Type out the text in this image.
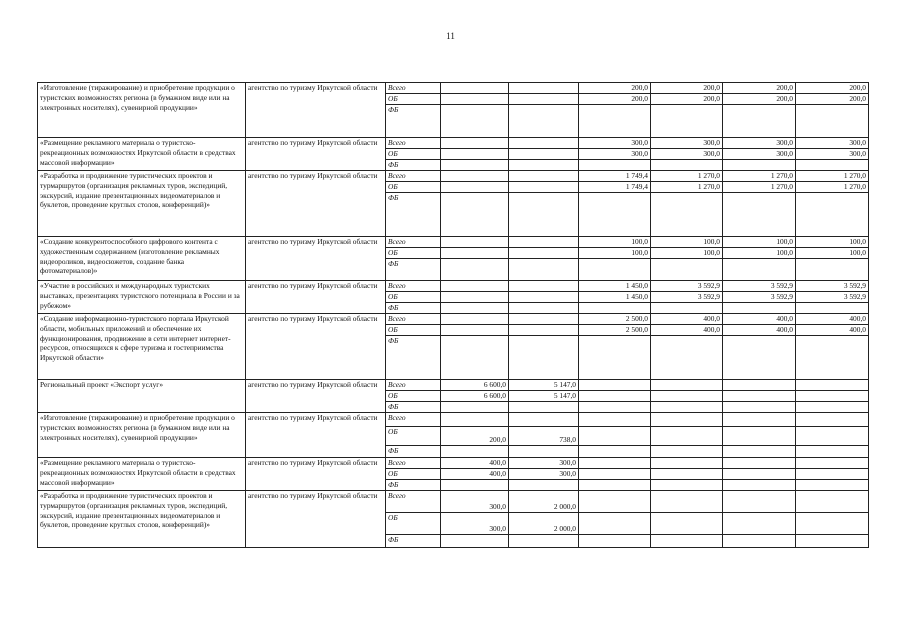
11
«Изготовление (тиражирование) и приобретение продукции о туристских возможностях региона (в бумажном виде или на электронных носителях), сувенирной продукции»	агентство по туризму Иркутской области	Всего			200,0	200,0	200,0	200,0
		ОБ			200,0	200,0	200,0	200,0
		ФБ						
«Размещение рекламного материала о туристско-рекреационных возможностях Иркутской области в средствах массовой информации»	агентство по туризму Иркутской области	Всего			300,0	300,0	300,0	300,0
		ОБ			300,0	300,0	300,0	300,0
		ФБ						
«Разработка и продвижение туристических проектов и турмаршрутов (организация рекламных туров, экспедиций, экскурсий, издание презентационных видеоматериалов и буклетов, проведение круглых столов, конференций)»	агентство по туризму Иркутской области	Всего			1 749,4	1 270,0	1 270,0	1 270,0
		ОБ			1 749,4	1 270,0	1 270,0	1 270,0
		ФБ						
«Создание конкурентоспособного цифрового контента с художественным содержанием (изготовление рекламных видеороликов, видеосюжетов, создание банка фотоматериалов)»	агентство по туризму Иркутской области	Всего			100,0	100,0	100,0	100,0
		ОБ			100,0	100,0	100,0	100,0
		ФБ						
«Участие в российских и международных туристских выставках, презентациях туристского потенциала в России и за рубежом»	агентство по туризму Иркутской области	Всего			1 450,0	3 592,9	3 592,9	3 592,9
		ОБ			1 450,0	3 592,9	3 592,9	3 592,9
		ФБ						
«Создание информационно-туристского портала Иркутской области, мобильных приложений и обеспечение их функционирования, продвижение в сети интернет интернет-ресурсов, относящихся к сфере туризма и гостеприимства Иркутской области»	агентство по туризму Иркутской области	Всего			2 500,0	400,0	400,0	400,0
		ОБ			2 500,0	400,0	400,0	400,0
		ФБ						
Региональный проект «Экспорт услуг»	агентство по туризму Иркутской области	Всего	6 600,0	5 147,0				
		ОБ	6 600,0	5 147,0				
		ФБ						
«Изготовление (тиражирование) и приобретение продукции о туристских возможностях региона (в бумажном виде или на электронных носителях), сувенирной продукции»	агентство по туризму Иркутской области	Всего						
		ОБ	200,0	738,0				
		ФБ						
«Размещение рекламного материала о туристско-рекреационных возможностях Иркутской области в средствах массовой информации»	агентство по туризму Иркутской области	Всего	400,0	300,0				
		ОБ	400,0	300,0				
		ФБ						
«Разработка и продвижение туристических проектов и турмаршрутов (организация рекламных туров, экспедиций, экскурсий, издание презентационных видеоматериалов и буклетов, проведение круглых столов, конференций)»	агентство по туризму Иркутской области	Всего	300,0	2 000,0				
		ОБ	300,0	2 000,0				
		ФБ						
